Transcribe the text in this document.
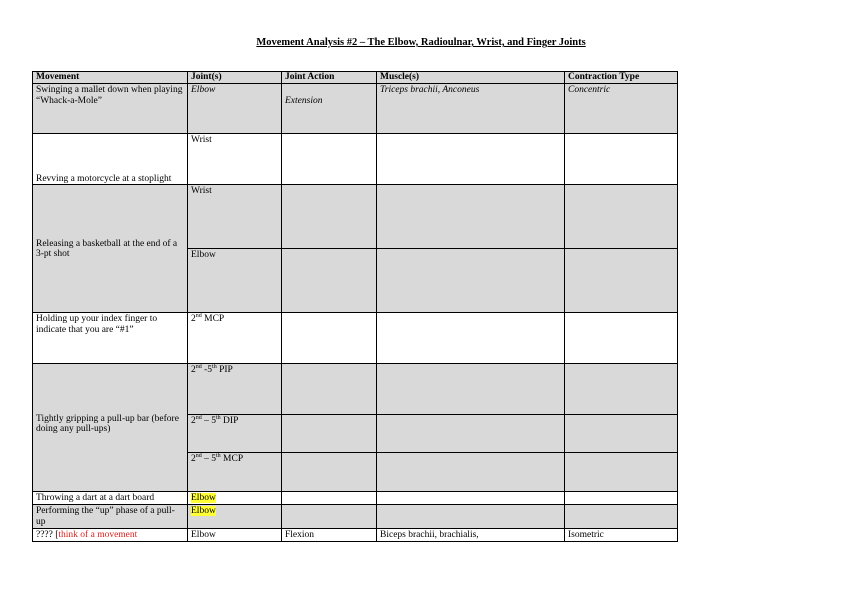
Movement Analysis #2 – The Elbow, Radioulnar, Wrist, and Finger Joints
Movement	Joint(s)	Joint Action	Muscle(s)	Contraction Type
Swinging a mallet down when playing “Whack-a-Mole”	Elbow	Extension	Triceps brachii, Anconeus	Concentric
Revving a motorcycle at a stoplight	Wrist			
Releasing a basketball at the end of a 3-pt shot	Wrist			
	Elbow			
Holding up your index finger to indicate that you are “#1”	2nd MCP			

Tightly gripping a pull-up bar (before doing any pull-ups)	2nd -5th PIP			
	2nd – 5th DIP			
	2nd – 5th MCP			
Throwing a dart at a dart board	Elbow			
Performing the “up” phase of a pull-up	Elbow			
???? [think of a movement	Elbow	Flexion	Biceps brachii, brachialis,	Isometric
